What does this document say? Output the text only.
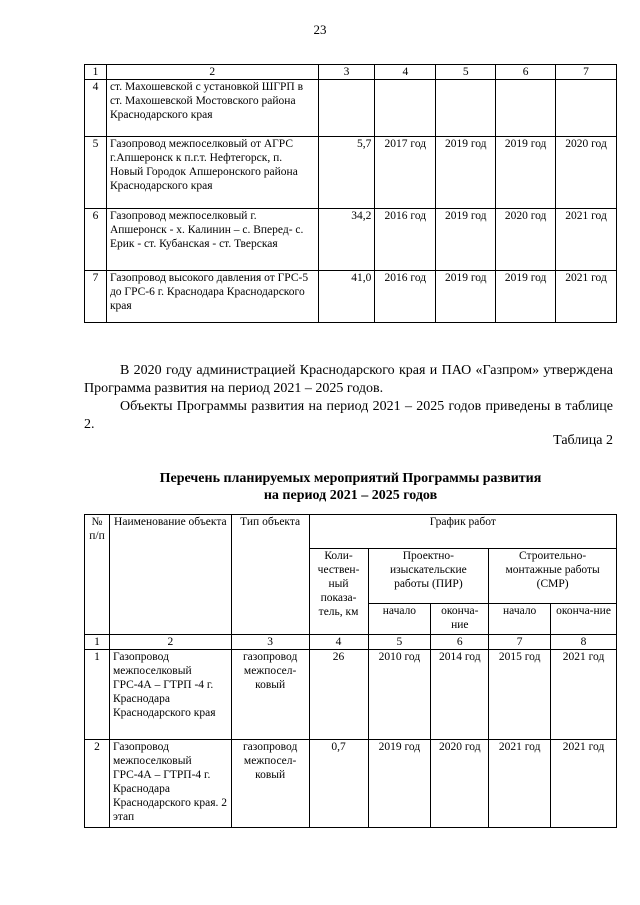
23
1	2	3	4	5	6	7
4	ст. Махошевской с установкой ШГРП в ст. Махошевской Мостовского района Краснодарского края					
5	Газопровод межпоселковый от АГРС г.Апшеронск к п.г.т. Нефтегорск, п. Новый Городок Апшеронского района Краснодарского края	5,7	2017 год	2019 год	2019 год	2020 год
6	Газопровод межпоселковый г. Апшеронск - х. Калинин – с. Вперед- с. Ерик - ст. Кубанская - ст. Тверская	34,2	2016 год	2019 год	2020 год	2021 год
7	Газопровод высокого давления от ГРС-5 до ГРС-6 г. Краснодара Краснодарского края	41,0	2016 год	2019 год	2019 год	2021 год
В 2020 году администрацией Краснодарского края и ПАО «Газпром» утверждена Программа развития на период 2021 – 2025 годов.
Объекты Программы развития на период 2021 – 2025 годов приведены в таблице 2.
Таблица 2
Перечень планируемых мероприятий Программы развития
на период 2021 – 2025 годов
№ п/п	Наименование объекта	Тип объекта	График работ				
			Коли-чествен-ный показа-тель, км	Проектно-изыскательские работы (ПИР)		Строительно-монтажные работы (СМР)	
				начало	оконча-ние	начало	оконча-ние
1	2	3	4	5	6	7	8
1	Газопровод межпоселковый ГРС-4А – ГТРП -4 г. Краснодара Краснодарского края	газопровод межпосел-ковый	26	2010 год	2014 год	2015 год	2021 год
2	Газопровод межпоселковый ГРС-4А – ГТРП-4 г. Краснодара Краснодарского края. 2 этап	газопровод межпосел-ковый	0,7	2019 год	2020 год	2021 год	2021 год
